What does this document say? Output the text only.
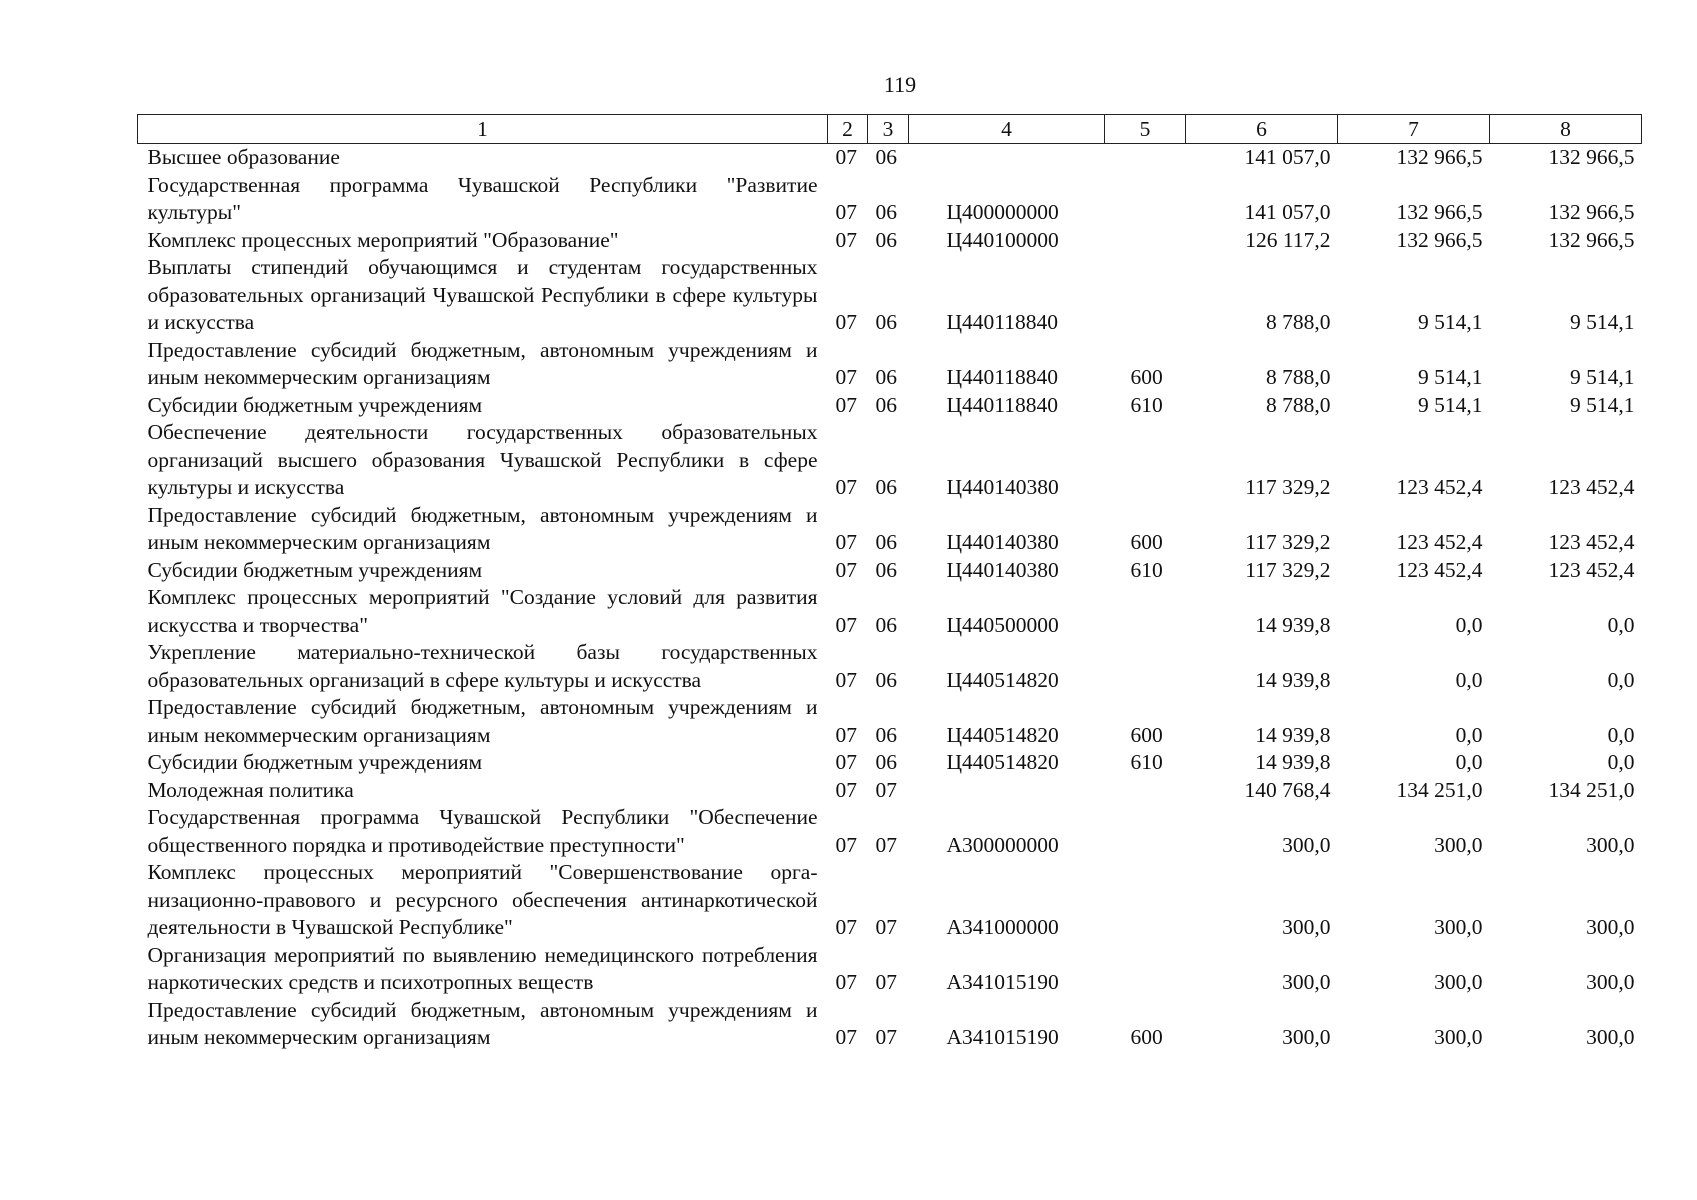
119
1	2	3	4	5	6	7	8
Высшее образование	07	06			141 057,0	132 966,5	132 966,5
Государственная программа Чувашской Республики "Развитие культуры"	07	06	Ц400000000		141 057,0	132 966,5	132 966,5
Комплекс процессных мероприятий "Образование"	07	06	Ц440100000		126 117,2	132 966,5	132 966,5
Выплаты стипендий обучающимся и студентам государственных образовательных организаций Чувашской Республики в сфере культуры и искусства	07	06	Ц440118840		8 788,0	9 514,1	9 514,1
Предоставление субсидий бюджетным, автономным учреждениям и иным некоммерческим организациям	07	06	Ц440118840	600	8 788,0	9 514,1	9 514,1
Субсидии бюджетным учреждениям	07	06	Ц440118840	610	8 788,0	9 514,1	9 514,1
Обеспечение деятельности государственных образовательных организаций высшего образования Чувашской Республики в сфере культуры и искусства	07	06	Ц440140380		117 329,2	123 452,4	123 452,4
Предоставление субсидий бюджетным, автономным учреждениям и иным некоммерческим организациям	07	06	Ц440140380	600	117 329,2	123 452,4	123 452,4
Субсидии бюджетным учреждениям	07	06	Ц440140380	610	117 329,2	123 452,4	123 452,4
Комплекс процессных мероприятий "Создание условий для развития искусства и творчества"	07	06	Ц440500000		14 939,8	0,0	0,0
Укрепление материально-технической базы государственных образовательных организаций в сфере культуры и искусства	07	06	Ц440514820		14 939,8	0,0	0,0
Предоставление субсидий бюджетным, автономным учреждениям и иным некоммерческим организациям	07	06	Ц440514820	600	14 939,8	0,0	0,0
Субсидии бюджетным учреждениям	07	06	Ц440514820	610	14 939,8	0,0	0,0
Молодежная политика	07	07			140 768,4	134 251,0	134 251,0
Государственная программа Чувашской Республики "Обеспечение общественного порядка и противодействие преступности"	07	07	А300000000		300,0	300,0	300,0
Комплекс процессных мероприятий "Совершенствование организационно-правового и ресурсного обеспечения антинаркотической деятельности в Чувашской Республике"	07	07	А341000000		300,0	300,0	300,0
Организация мероприятий по выявлению немедицинского потребления наркотических средств и психотропных веществ	07	07	А341015190		300,0	300,0	300,0
Предоставление субсидий бюджетным, автономным учреждениям и иным некоммерческим организациям	07	07	А341015190	600	300,0	300,0	300,0
